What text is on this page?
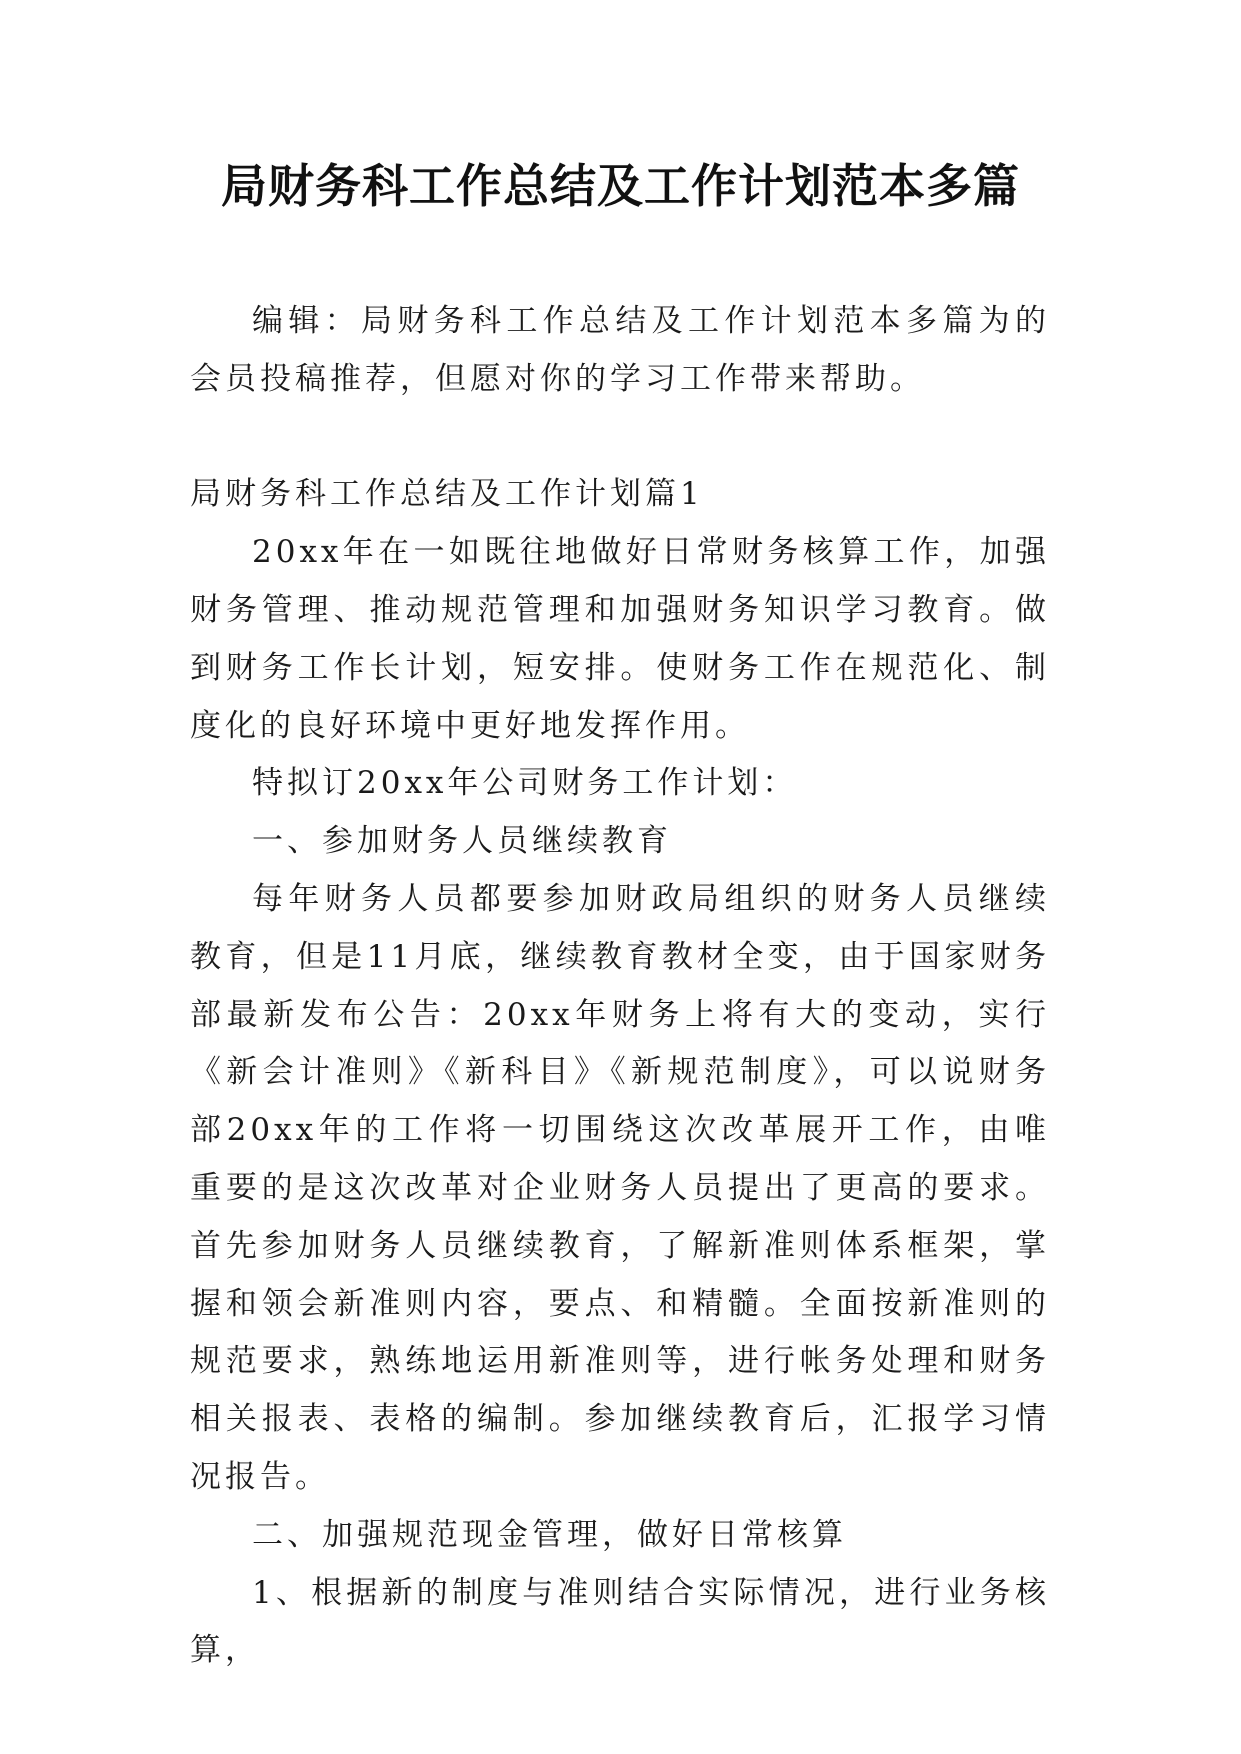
局财务科工作总结及工作计划范本多篇

编辑：局财务科工作总结及工作计划范本多篇为的会员投稿推荐，但愿对你的学习工作带来帮助。

局财务科工作总结及工作计划篇1

20xx年在一如既往地做好日常财务核算工作，加强财务管理、推动规范管理和加强财务知识学习教育。做到财务工作长计划，短安排。使财务工作在规范化、制度化的良好环境中更好地发挥作用。

特拟订20xx年公司财务工作计划：

一、参加财务人员继续教育

每年财务人员都要参加财政局组织的财务人员继续教育，但是11月底，继续教育教材全变，由于国家财务部最新发布公告：20xx年财务上将有大的变动，实行《新会计准则》《新科目》《新规范制度》，可以说财务部20xx年的工作将一切围绕这次改革展开工作，由唯重要的是这次改革对企业财务人员提出了更高的要求。首先参加财务人员继续教育，了解新准则体系框架，掌握和领会新准则内容，要点、和精髓。全面按新准则的规范要求，熟练地运用新准则等，进行帐务处理和财务相关报表、表格的编制。参加继续教育后，汇报学习情况报告。

二、加强规范现金管理，做好日常核算

1、根据新的制度与准则结合实际情况，进行业务核算，
